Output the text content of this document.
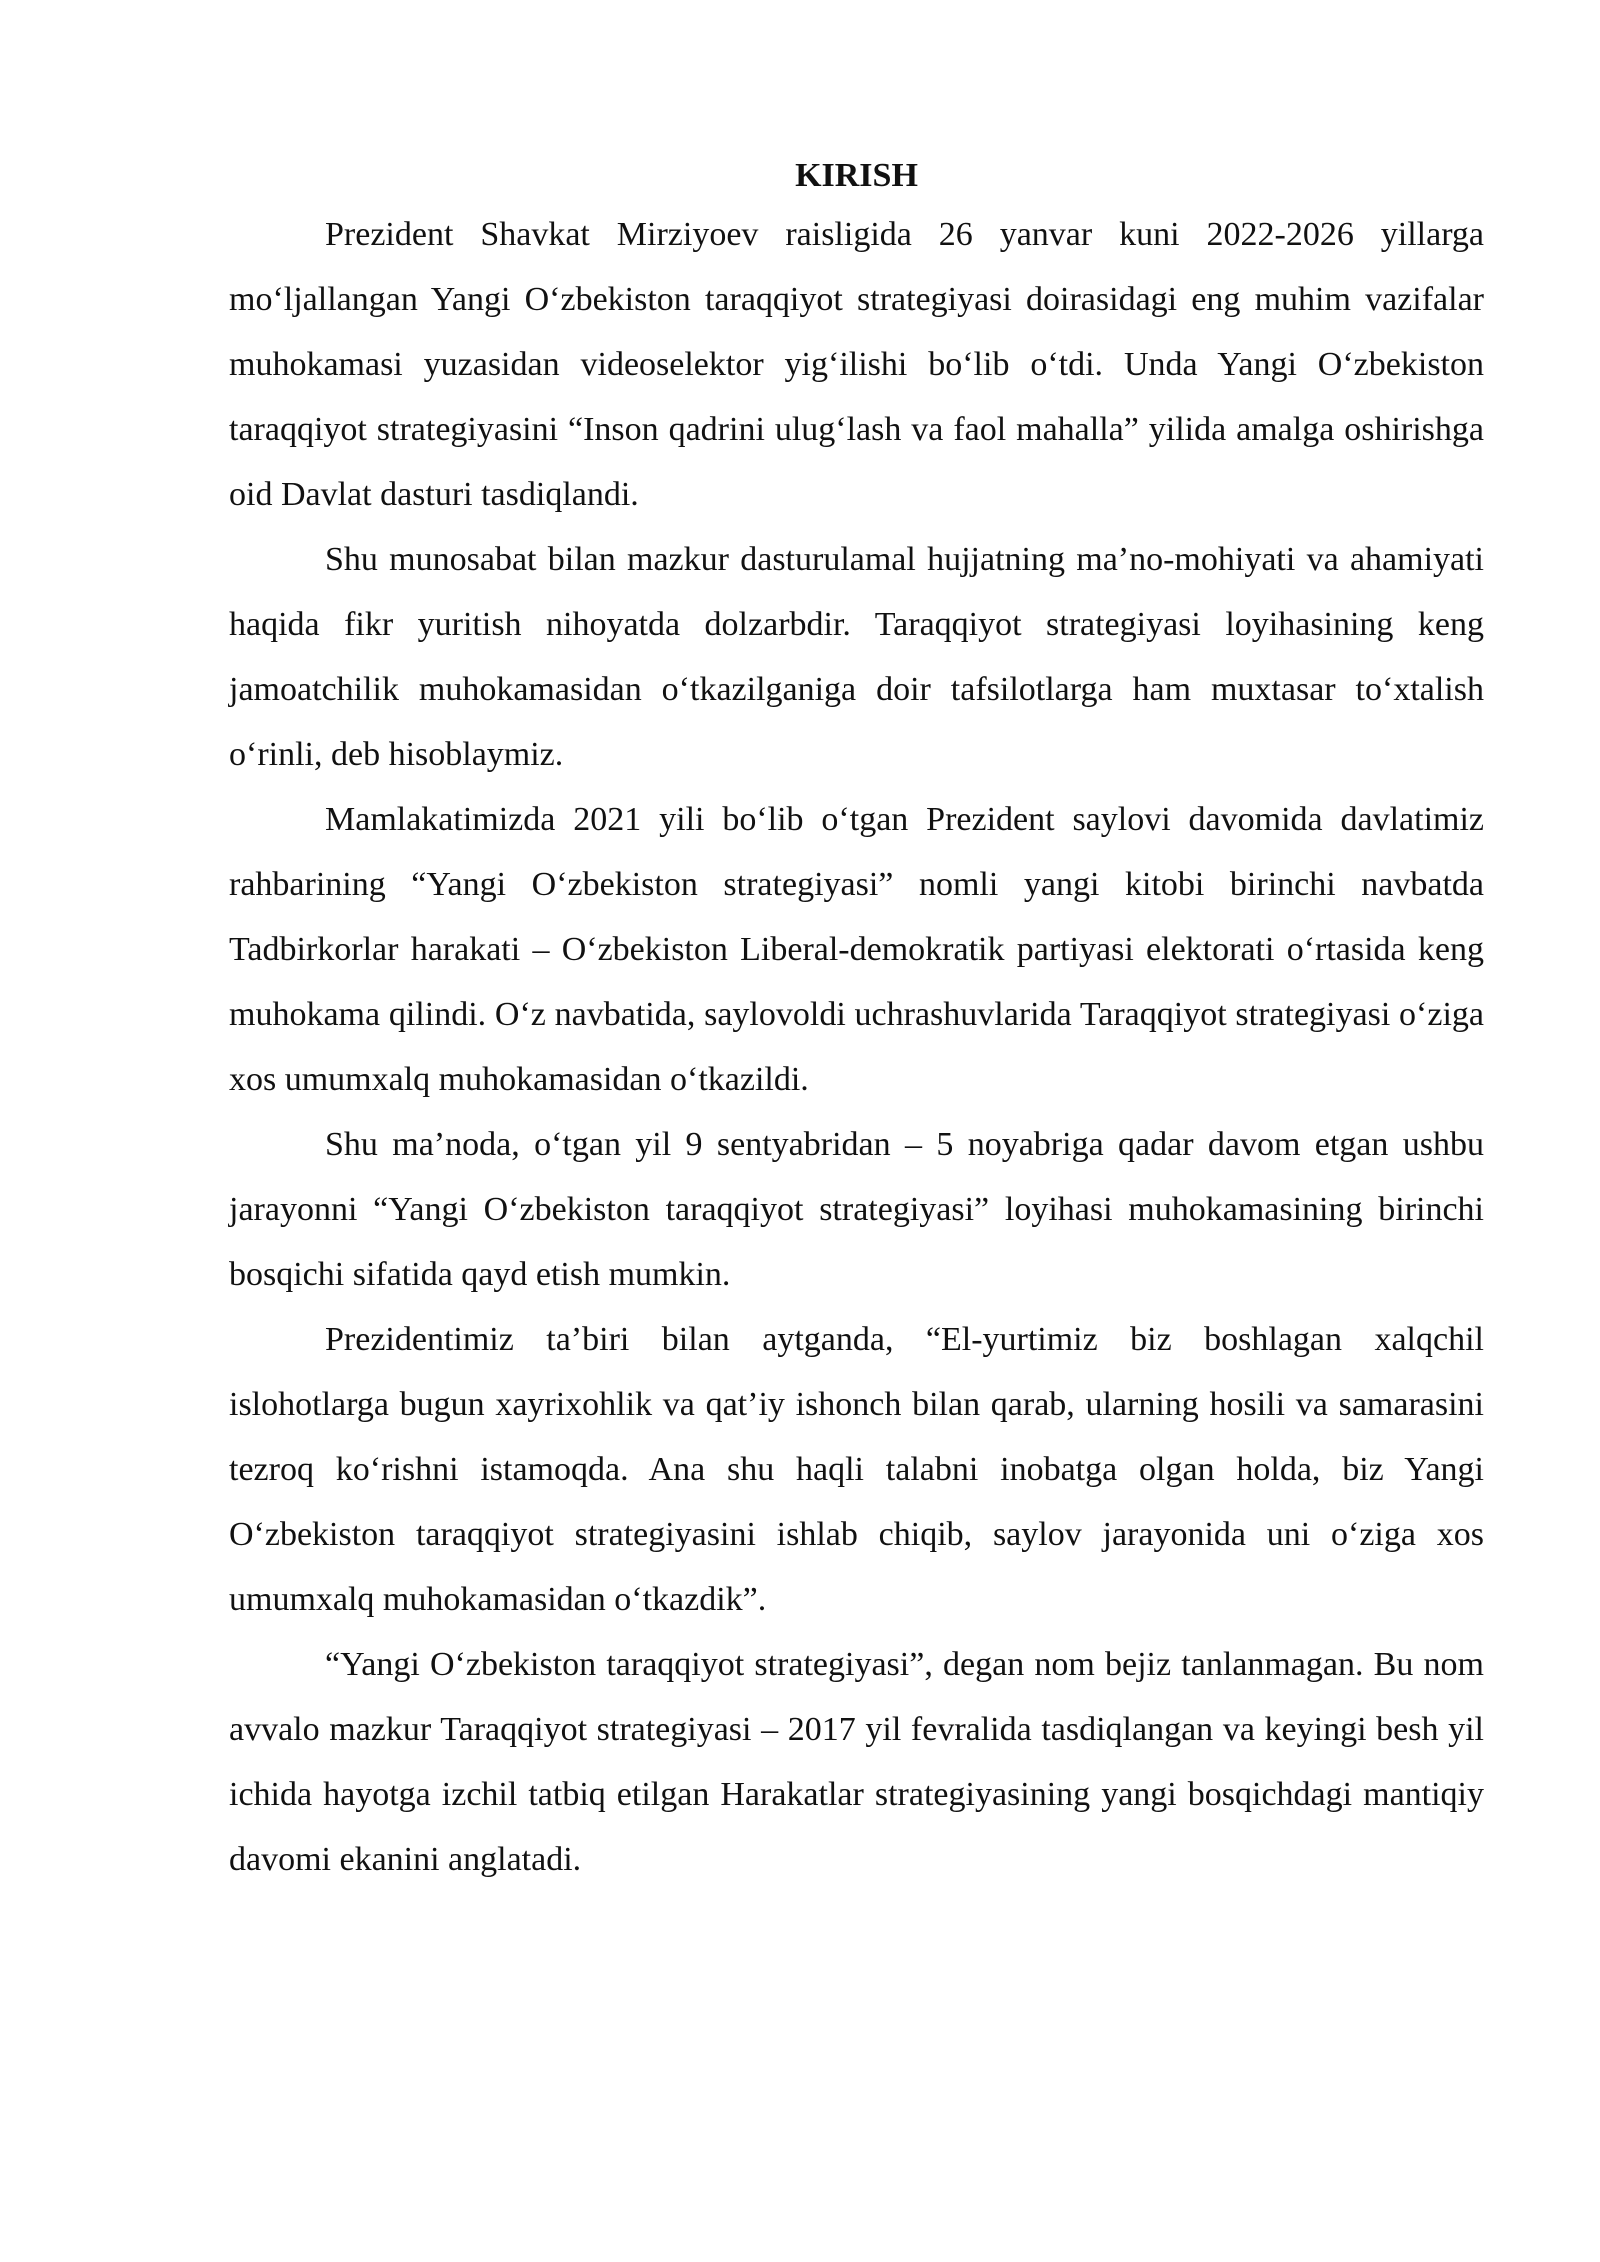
KIRISH

Prezident Shavkat Mirziyoev raisligida 26 yanvar kuni 2022-2026 yillarga mo‘ljallangan Yangi O‘zbekiston taraqqiyot strategiyasi doirasidagi eng muhim vazifalar muhokamasi yuzasidan videoselektor yig‘ilishi bo‘lib o‘tdi. Unda Yangi O‘zbekiston taraqqiyot strategiyasini “Inson qadrini ulug‘lash va faol mahalla” yilida amalga oshirishga oid Davlat dasturi tasdiqlandi.

Shu munosabat bilan mazkur dasturulamal hujjatning ma’no-mohiyati va ahamiyati haqida fikr yuritish nihoyatda dolzarbdir. Taraqqiyot strategiyasi loyihasining keng jamoatchilik muhokamasidan o‘tkazilganiga doir tafsilotlarga ham muxtasar to‘xtalish o‘rinli, deb hisoblaymiz.

Mamlakatimizda 2021 yili bo‘lib o‘tgan Prezident saylovi davomida davlatimiz rahbarining “Yangi O‘zbekiston strategiyasi” nomli yangi kitobi birinchi navbatda Tadbirkorlar harakati – O‘zbekiston Liberal-demokratik partiyasi elektorati o‘rtasida keng muhokama qilindi. O‘z navbatida, saylovoldi uchrashuvlarida Taraqqiyot strategiyasi o‘ziga xos umumxalq muhokamasidan o‘tkazildi.

Shu ma’noda, o‘tgan yil 9 sentyabridan – 5 noyabriga qadar davom etgan ushbu jarayonni “Yangi O‘zbekiston taraqqiyot strategiyasi” loyihasi muhokamasining birinchi bosqichi sifatida qayd etish mumkin.

Prezidentimiz ta’biri bilan aytganda, “El-yurtimiz biz boshlagan xalqchil islohotlarga bugun xayrixohlik va qat’iy ishonch bilan qarab, ularning hosili va samarasini tezroq ko‘rishni istamoqda. Ana shu haqli talabni inobatga olgan holda, biz Yangi O‘zbekiston taraqqiyot strategiyasini ishlab chiqib, saylov jarayonida uni o‘ziga xos umumxalq muhokamasidan o‘tkazdik”.

“Yangi O‘zbekiston taraqqiyot strategiyasi”, degan nom bejiz tanlanmagan. Bu nom avvalo mazkur Taraqqiyot strategiyasi – 2017 yil fevralida tasdiqlangan va keyingi besh yil ichida hayotga izchil tatbiq etilgan Harakatlar strategiyasining yangi bosqichdagi mantiqiy davomi ekanini anglatadi.
